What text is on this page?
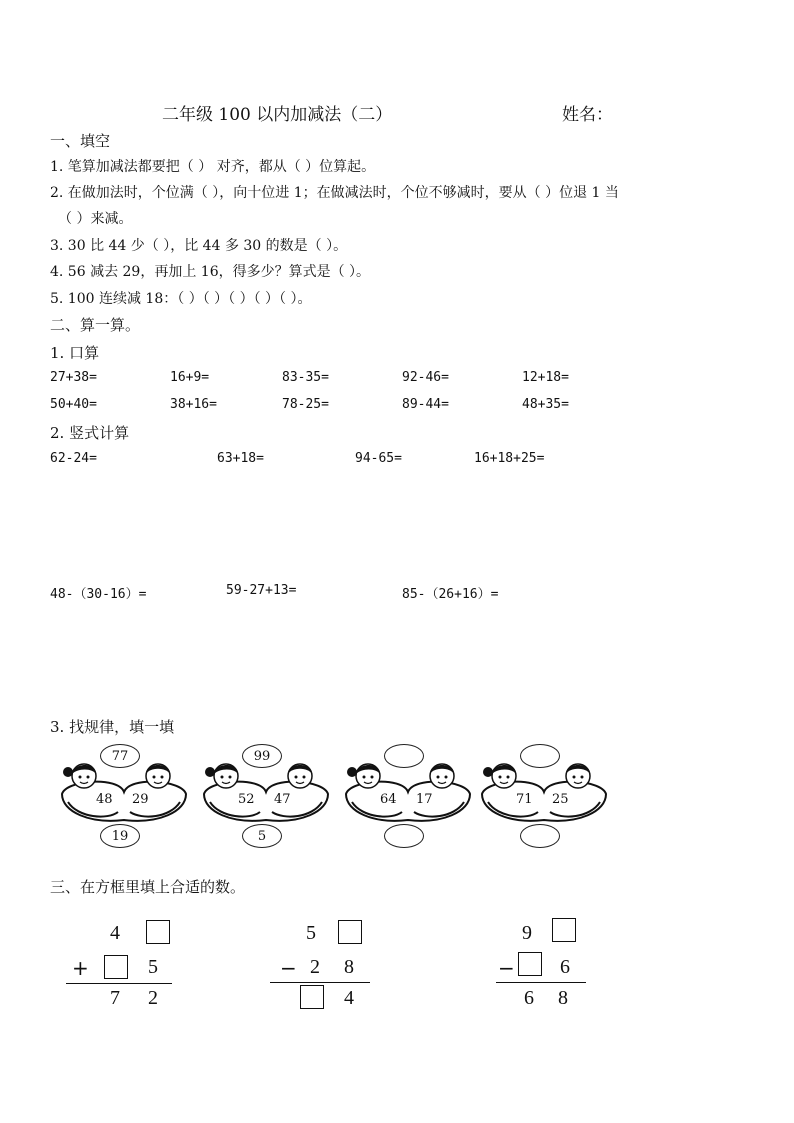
二年级 100 以内加减法（二）	姓名：
一、填空
1. 笔算加减法都要把（ ） 对齐，都从（ ）位算起。
2. 在做加法时，个位满（ ），向十位进 1；在做减法时，个位不够减时，要从（ ）位退 1 当
（ ）来减。
3. 30 比 44 少（ ），比 44 多 30 的数是（ ）。
4. 56 减去 29，再加上 16，得多少？算式是（ ）。
5. 100 连续减 18：（ ）（ ）（ ）（ ）（ ）。
二、算一算。
1. 口算
27+38=	16+9=	83-35=	92-46=	12+18=
50+40=	38+16=	78-25=	89-44=	48+35=
2. 竖式计算
62-24=	63+18=	94-65=	16+18+25=
48-（30-16）=	59-27+13=	85-（26+16）=
3. 找规律，填一填
77
48 29
19
99
52 47
5
64 17	71 25
三、在方框里填上合适的数。
4
+	5
7 2
5
− 2 8
4
9
− 6
6 8
